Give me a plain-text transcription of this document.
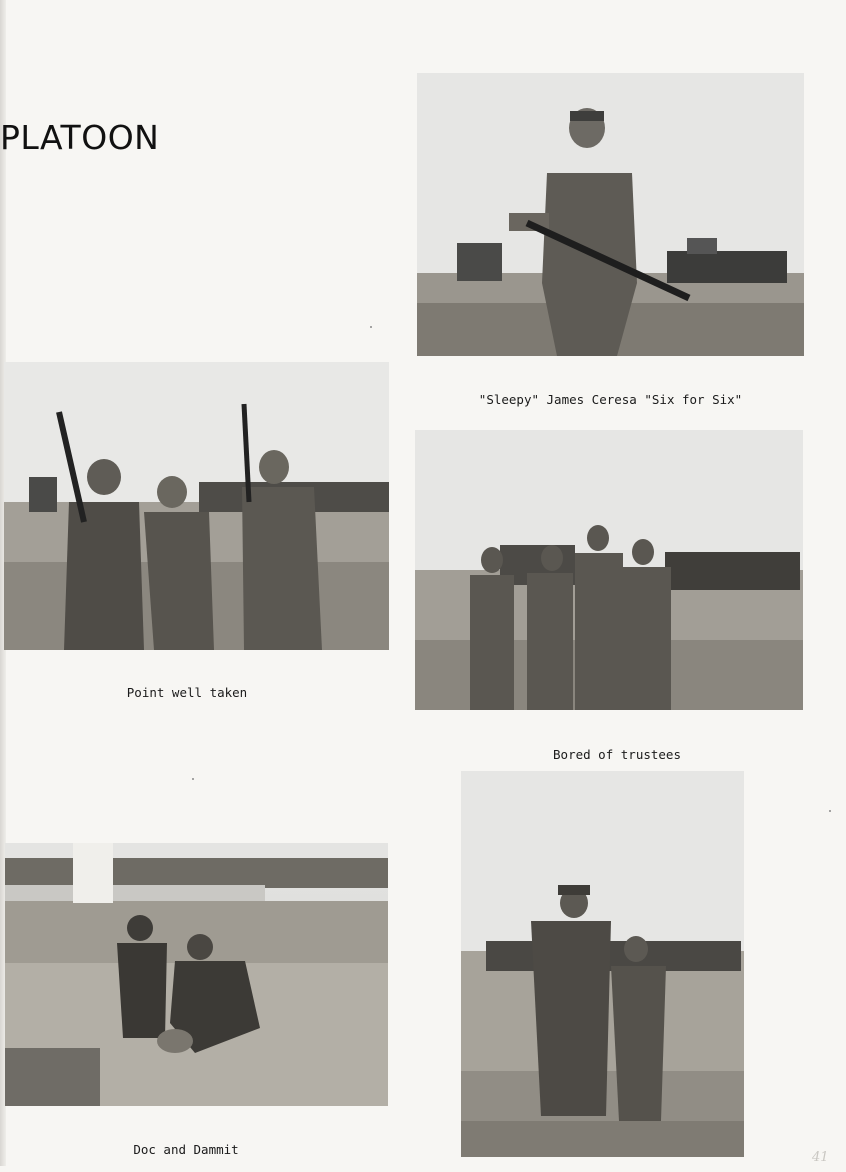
PLATOON

"Sleepy" James Ceresa "Six for Six"

Point well taken

Bored of trustees

Doc and Dammit

41
